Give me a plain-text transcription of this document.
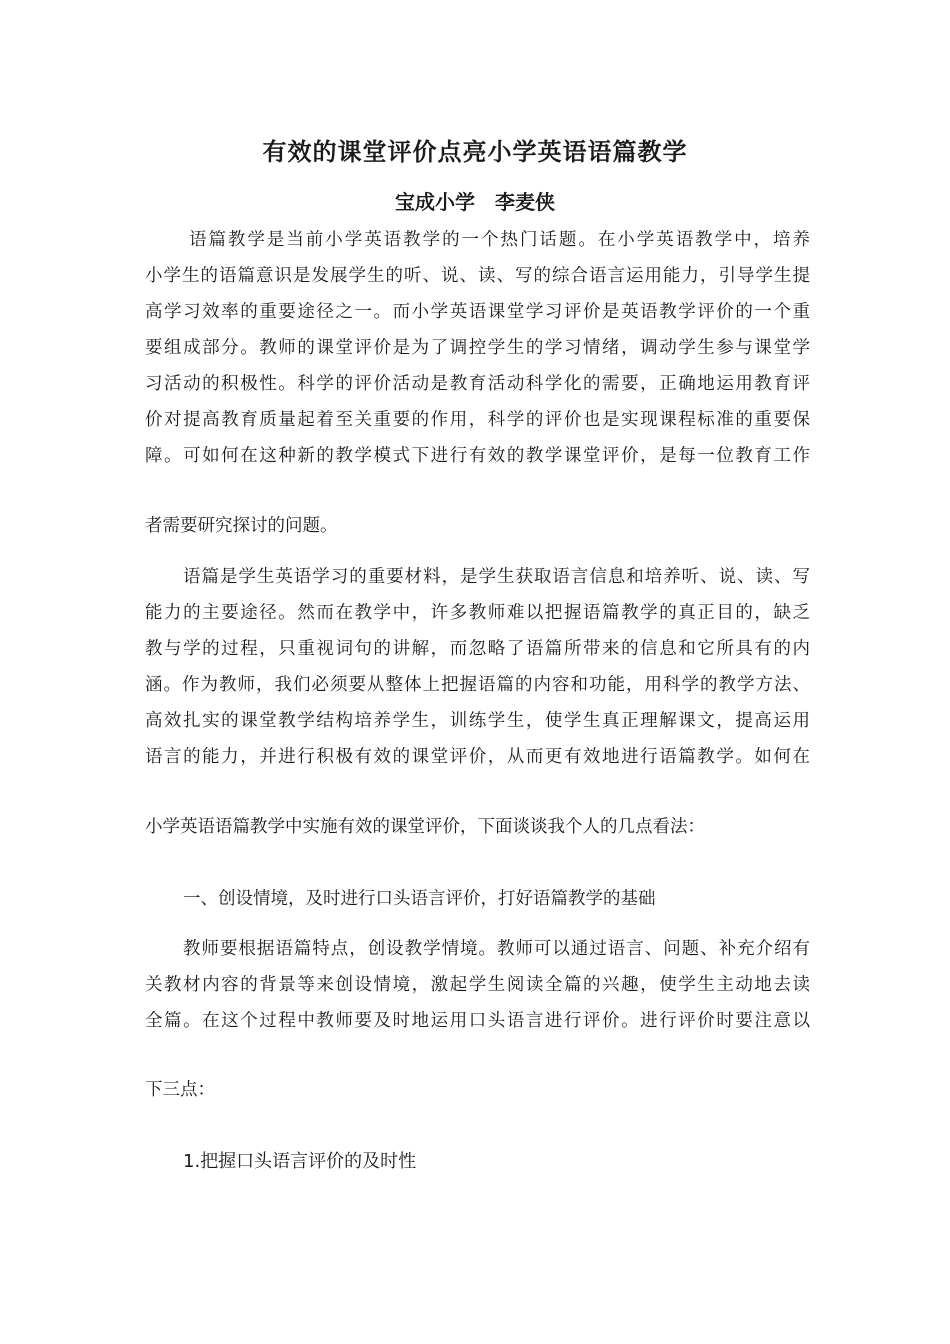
有效的课堂评价点亮小学英语语篇教学
宝成小学　李麦侠
语篇教学是当前小学英语教学的一个热门话题。在小学英语教学中，培养
小学生的语篇意识是发展学生的听、说、读、写的综合语言运用能力，引导学生提
高学习效率的重要途径之一。而小学英语课堂学习评价是英语教学评价的一个重
要组成部分。教师的课堂评价是为了调控学生的学习情绪，调动学生参与课堂学
习活动的积极性。科学的评价活动是教育活动科学化的需要，正确地运用教育评
价对提高教育质量起着至关重要的作用，科学的评价也是实现课程标准的重要保
障。可如何在这种新的教学模式下进行有效的教学课堂评价，是每一位教育工作
者需要研究探讨的问题。
语篇是学生英语学习的重要材料，是学生获取语言信息和培养听、说、读、写
能力的主要途径。然而在教学中，许多教师难以把握语篇教学的真正目的，缺乏
教与学的过程，只重视词句的讲解，而忽略了语篇所带来的信息和它所具有的内
涵。作为教师，我们必须要从整体上把握语篇的内容和功能，用科学的教学方法、
高效扎实的课堂教学结构培养学生，训练学生，使学生真正理解课文，提高运用
语言的能力，并进行积极有效的课堂评价，从而更有效地进行语篇教学。如何在
小学英语语篇教学中实施有效的课堂评价，下面谈谈我个人的几点看法：
一、创设情境，及时进行口头语言评价，打好语篇教学的基础
教师要根据语篇特点，创设教学情境。教师可以通过语言、问题、补充介绍有
关教材内容的背景等来创设情境，激起学生阅读全篇的兴趣，使学生主动地去读
全篇。在这个过程中教师要及时地运用口头语言进行评价。进行评价时要注意以
下三点：
1.把握口头语言评价的及时性
